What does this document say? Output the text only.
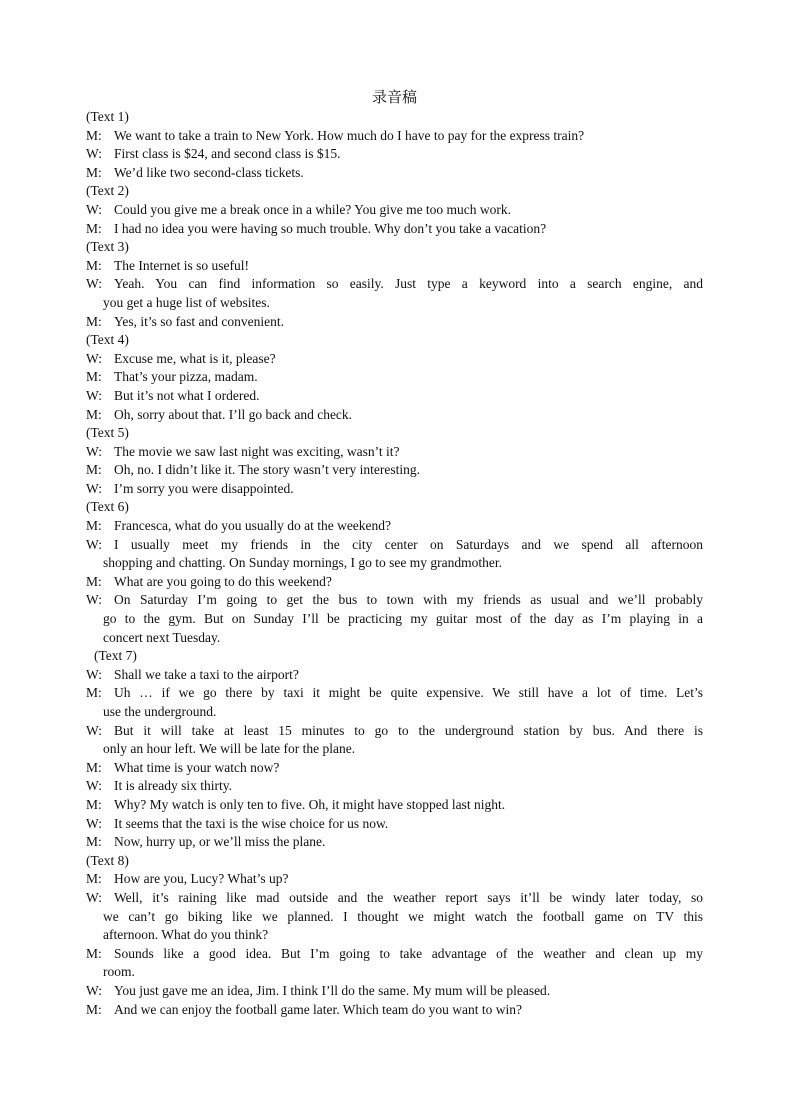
录音稿
(Text 1)
M: We want to take a train to New York. How much do I have to pay for the express train?
W: First class is $24, and second class is $15.
M: We’d like two second-class tickets.
(Text 2)
W: Could you give me a break once in a while? You give me too much work.
M: I had no idea you were having so much trouble. Why don’t you take a vacation?
(Text 3)
M: The Internet is so useful!
W: Yeah. You can find information so easily. Just type a keyword into a search engine, and
you get a huge list of websites.
M: Yes, it’s so fast and convenient.
(Text 4)
W: Excuse me, what is it, please?
M: That’s your pizza, madam.
W: But it’s not what I ordered.
M: Oh, sorry about that. I’ll go back and check.
(Text 5)
W: The movie we saw last night was exciting, wasn’t it?
M: Oh, no. I didn’t like it. The story wasn’t very interesting.
W: I’m sorry you were disappointed.
(Text 6)
M: Francesca, what do you usually do at the weekend?
W: I usually meet my friends in the city center on Saturdays and we spend all afternoon
shopping and chatting. On Sunday mornings, I go to see my grandmother.
M: What are you going to do this weekend?
W: On Saturday I’m going to get the bus to town with my friends as usual and we’ll probably
go to the gym. But on Sunday I’ll be practicing my guitar most of the day as I’m playing in a
concert next Tuesday.
(Text 7)
W: Shall we take a taxi to the airport?
M: Uh … if we go there by taxi it might be quite expensive. We still have a lot of time. Let’s
use the underground.
W: But it will take at least 15 minutes to go to the underground station by bus. And there is
only an hour left. We will be late for the plane.
M: What time is your watch now?
W: It is already six thirty.
M: Why? My watch is only ten to five. Oh, it might have stopped last night.
W: It seems that the taxi is the wise choice for us now.
M: Now, hurry up, or we’ll miss the plane.
(Text 8)
M: How are you, Lucy? What’s up?
W: Well, it’s raining like mad outside and the weather report says it’ll be windy later today, so
we can’t go biking like we planned. I thought we might watch the football game on TV this
afternoon. What do you think?
M: Sounds like a good idea. But I’m going to take advantage of the weather and clean up my
room.
W: You just gave me an idea, Jim. I think I’ll do the same. My mum will be pleased.
M: And we can enjoy the football game later. Which team do you want to win?
